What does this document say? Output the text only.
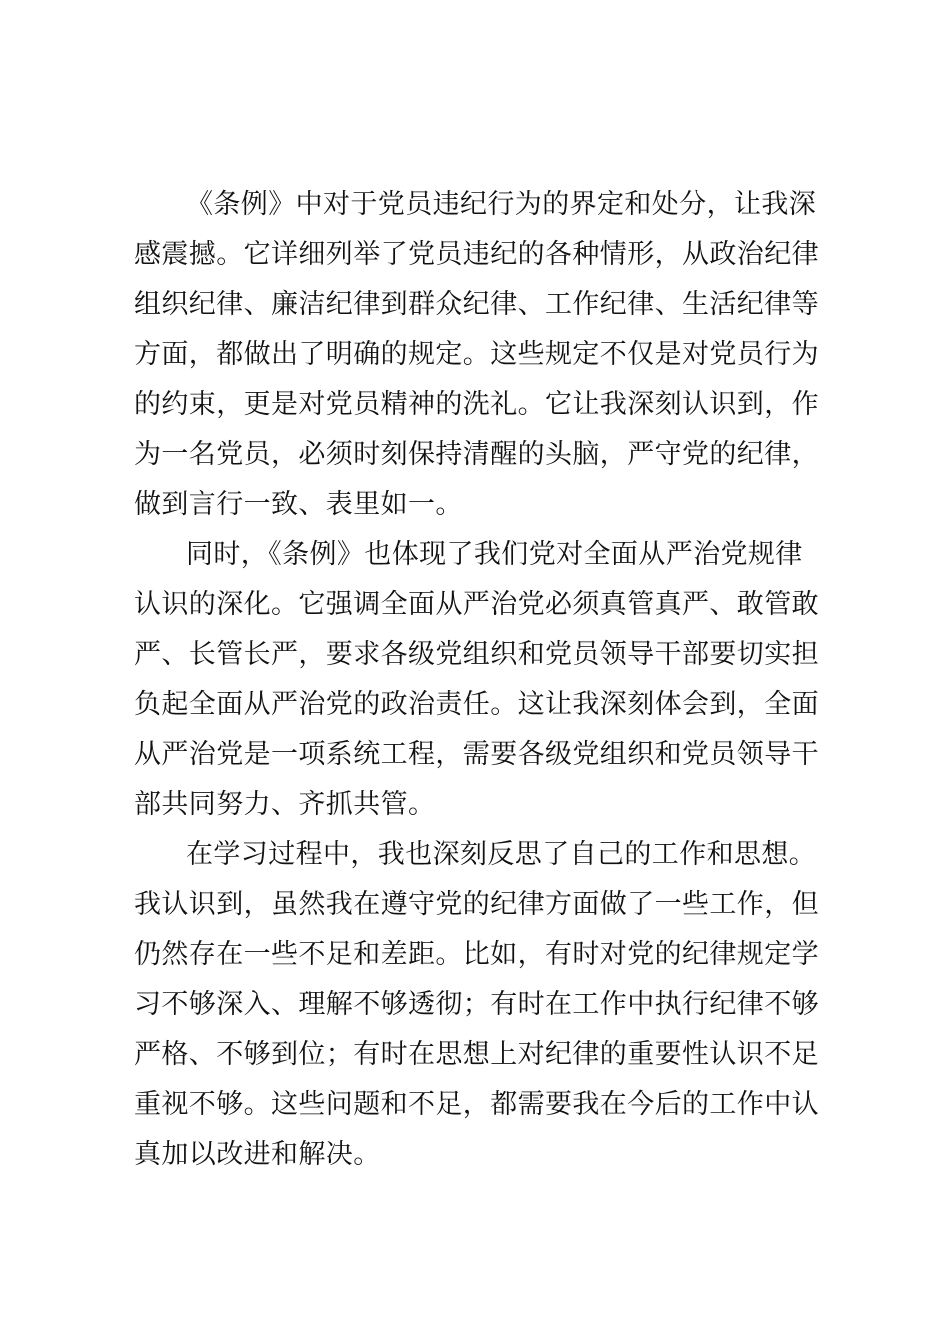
《条例》中对于党员违纪行为的界定和处分，让我深
感震撼。它详细列举了党员违纪的各种情形，从政治纪律
组织纪律、廉洁纪律到群众纪律、工作纪律、生活纪律等
方面，都做出了明确的规定。这些规定不仅是对党员行为
的约束，更是对党员精神的洗礼。它让我深刻认识到，作
为一名党员，必须时刻保持清醒的头脑，严守党的纪律，
做到言行一致、表里如一。
同时，《条例》也体现了我们党对全面从严治党规律
认识的深化。它强调全面从严治党必须真管真严、敢管敢
严、长管长严，要求各级党组织和党员领导干部要切实担
负起全面从严治党的政治责任。这让我深刻体会到，全面
从严治党是一项系统工程，需要各级党组织和党员领导干
部共同努力、齐抓共管。
在学习过程中，我也深刻反思了自己的工作和思想。
我认识到，虽然我在遵守党的纪律方面做了一些工作，但
仍然存在一些不足和差距。比如，有时对党的纪律规定学
习不够深入、理解不够透彻；有时在工作中执行纪律不够
严格、不够到位；有时在思想上对纪律的重要性认识不足
重视不够。这些问题和不足，都需要我在今后的工作中认
真加以改进和解决。
